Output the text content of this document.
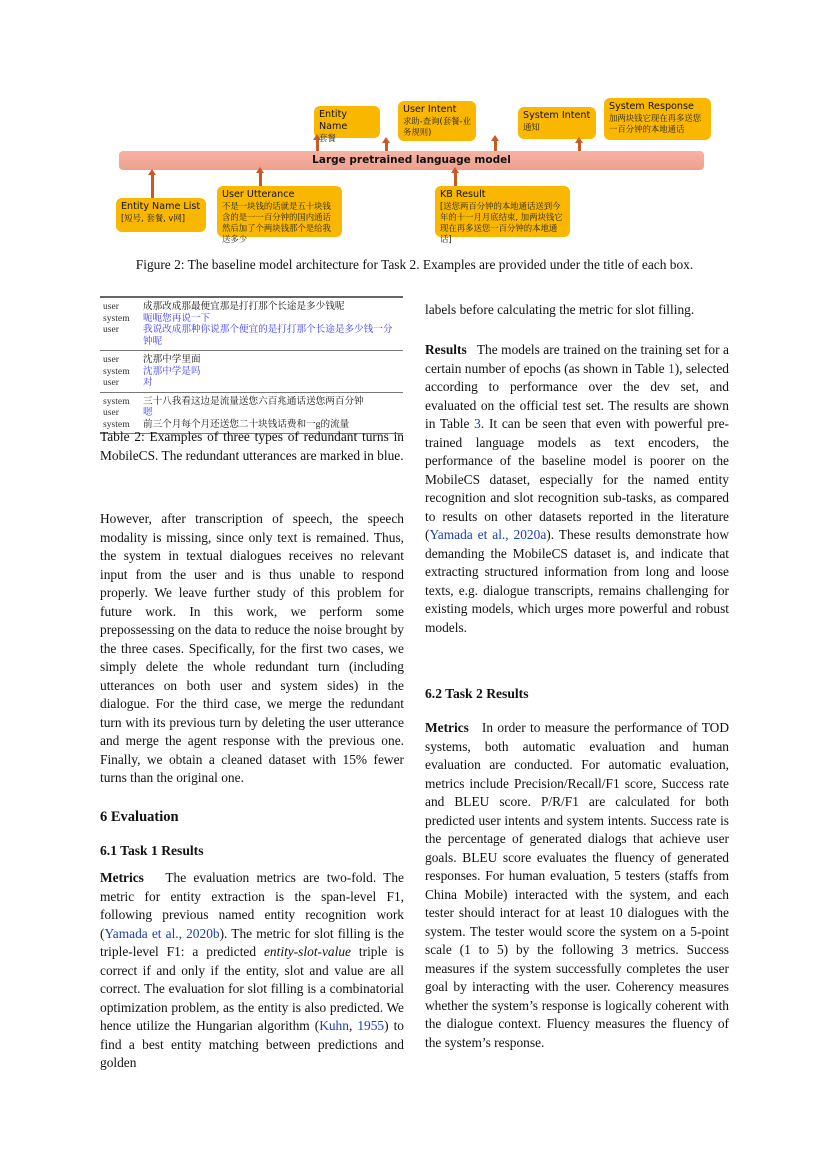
Entity Name
套餐
User Intent
求助-查询(套餐-业务规则)
System Intent
通知
System Response
加两块钱它现在再多送您一百分钟的本地通话
Large pretrained language model
Entity Name List
[短号, 套餐, v网]
User Utterance
不是一块钱的话就是五十块钱含的是一一百分钟的国内通话然后加了个两块钱那个是给我送多少
KB Result
[送您两百分钟的本地通话送到今年的十一月月底结束, 加两块钱它现在再多送您一百分钟的本地通话]
Figure 2: The baseline model architecture for Task 2. Examples are provided under the title of each box.
user	成那改成那最便宜那是打打那个长途是多少钱呢
system	呃呃您再说一下
user	我说改成那种你说那个便宜的是打打那个长途是多少钱一分钟呢
user	沈那中学里面
system	沈那中学是吗
user	对
system	三十八我看这边是流量送您六百兆通话送您两百分钟
user	嗯
system	前三个月每个月还送您二十块钱话费和一g的流量
Table 2: Examples of three types of redundant turns in MobileCS. The redundant utterances are marked in blue.
However, after transcription of speech, the speech modality is missing, since only text is remained. Thus, the system in textual dialogues receives no relevant input from the user and is thus unable to respond properly. We leave further study of this problem for future work. In this work, we perform some prepossessing on the data to reduce the noise brought by the three cases. Specifically, for the first two cases, we simply delete the whole redundant turn (including utterances on both user and system sides) in the dialogue. For the third case, we merge the redundant turn with its previous turn by deleting the user utterance and merge the agent response with the previous one. Finally, we obtain a cleaned dataset with 15% fewer turns than the original one.
6 Evaluation
6.1 Task 1 Results
Metrics The evaluation metrics are two-fold. The metric for entity extraction is the span-level F1, following previous named entity recognition work (Yamada et al., 2020b). The metric for slot filling is the triple-level F1: a predicted entity-slot-value triple is correct if and only if the entity, slot and value are all correct. The evaluation for slot filling is a combinatorial optimization problem, as the entity is also predicted. We hence utilize the Hungarian algorithm (Kuhn, 1955) to find a best entity matching between predictions and golden
labels before calculating the metric for slot filling.
Results The models are trained on the training set for a certain number of epochs (as shown in Table 1), selected according to performance over the dev set, and evaluated on the official test set. The results are shown in Table 3. It can be seen that even with powerful pre-trained language models as text encoders, the performance of the baseline model is poorer on the MobileCS dataset, especially for the named entity recognition and slot recognition sub-tasks, as compared to results on other datasets reported in the literature (Yamada et al., 2020a). These results demonstrate how demanding the MobileCS dataset is, and indicate that extracting structured information from long and loose texts, e.g. dialogue transcripts, remains challenging for existing models, which urges more powerful and robust models.
6.2 Task 2 Results
Metrics In order to measure the performance of TOD systems, both automatic evaluation and human evaluation are conducted. For automatic evaluation, metrics include Precision/Recall/F1 score, Success rate and BLEU score. P/R/F1 are calculated for both predicted user intents and system intents. Success rate is the percentage of generated dialogs that achieve user goals. BLEU score evaluates the fluency of generated responses. For human evaluation, 5 testers (staffs from China Mobile) interacted with the system, and each tester should interact for at least 10 dialogues with the system. The tester would score the system on a 5-point scale (1 to 5) by the following 3 metrics. Success measures if the system successfully completes the user goal by interacting with the user. Coherency measures whether the system’s response is logically coherent with the dialogue context. Fluency measures the fluency of the system’s response.
